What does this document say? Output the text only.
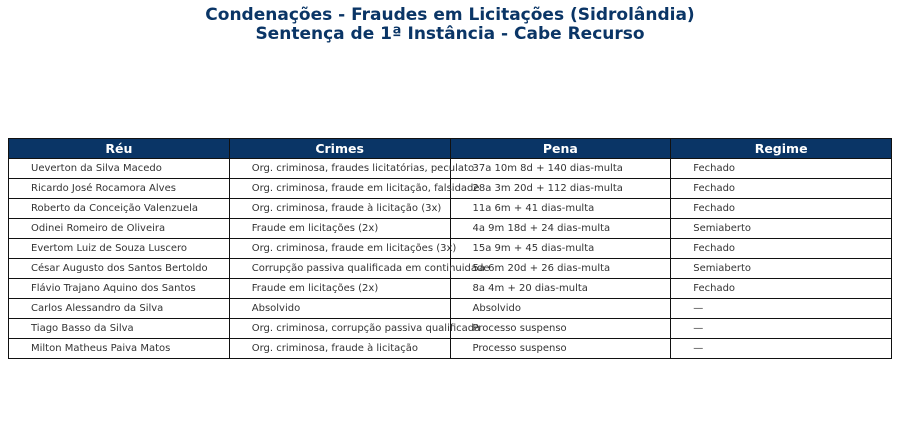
Condenações - Fraudes em Licitações (Sidrolândia)
Sentença de 1ª Instância - Cabe Recurso
Réu	Crimes	Pena	Regime
Ueverton da Silva Macedo	Org. criminosa, fraudes licitatórias, peculato	37a 10m 8d + 140 dias-multa	Fechado
Ricardo José Rocamora Alves	Org. criminosa, fraude em licitação, falsidade	28a 3m 20d + 112 dias-multa	Fechado
Roberto da Conceição Valenzuela	Org. criminosa, fraude à licitação (3x)	11a 6m + 41 dias-multa	Fechado
Odinei Romeiro de Oliveira	Fraude em licitações (2x)	4a 9m 18d + 24 dias-multa	Semiaberto
Evertom Luiz de Souza Luscero	Org. criminosa, fraude em licitações (3x)	15a 9m + 45 dias-multa	Fechado
César Augusto dos Santos Bertoldo	Corrupção passiva qualificada em continuidade	5a 6m 20d + 26 dias-multa	Semiaberto
Flávio Trajano Aquino dos Santos	Fraude em licitações (2x)	8a 4m + 20 dias-multa	Fechado
Carlos Alessandro da Silva	Absolvido	Absolvido	—
Tiago Basso da Silva	Org. criminosa, corrupção passiva qualificada	Processo suspenso	—
Milton Matheus Paiva Matos	Org. criminosa, fraude à licitação	Processo suspenso	—
